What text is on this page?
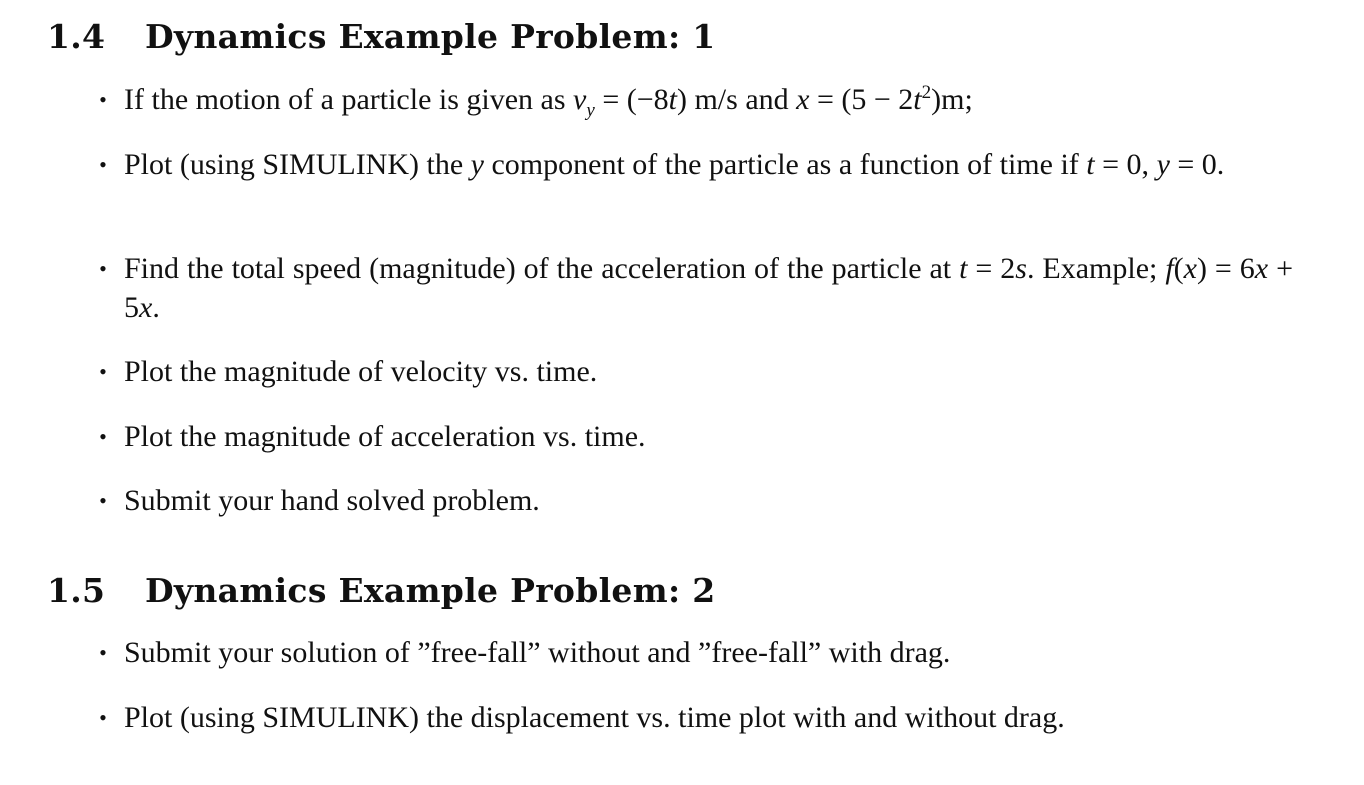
1.4 Dynamics Example Problem: 1
• If the motion of a particle is given as $v_y = (-8t)$ m/s and $x = (5 - 2t^2)m$;
• Plot (using SIMULINK) the y component of the particle as a function of time if t = 0, y = 0.
• Find the total speed (magnitude) of the acceleration of the particle at t = 2s. Example; f(x) = 6x + 5x.
• Plot the magnitude of velocity vs. time.
• Plot the magnitude of acceleration vs. time.
• Submit your hand solved problem.
1.5 Dynamics Example Problem: 2
• Submit your solution of ”free-fall” without and ”free-fall” with drag.
• Plot (using SIMULINK) the displacement vs. time plot with and without drag.
